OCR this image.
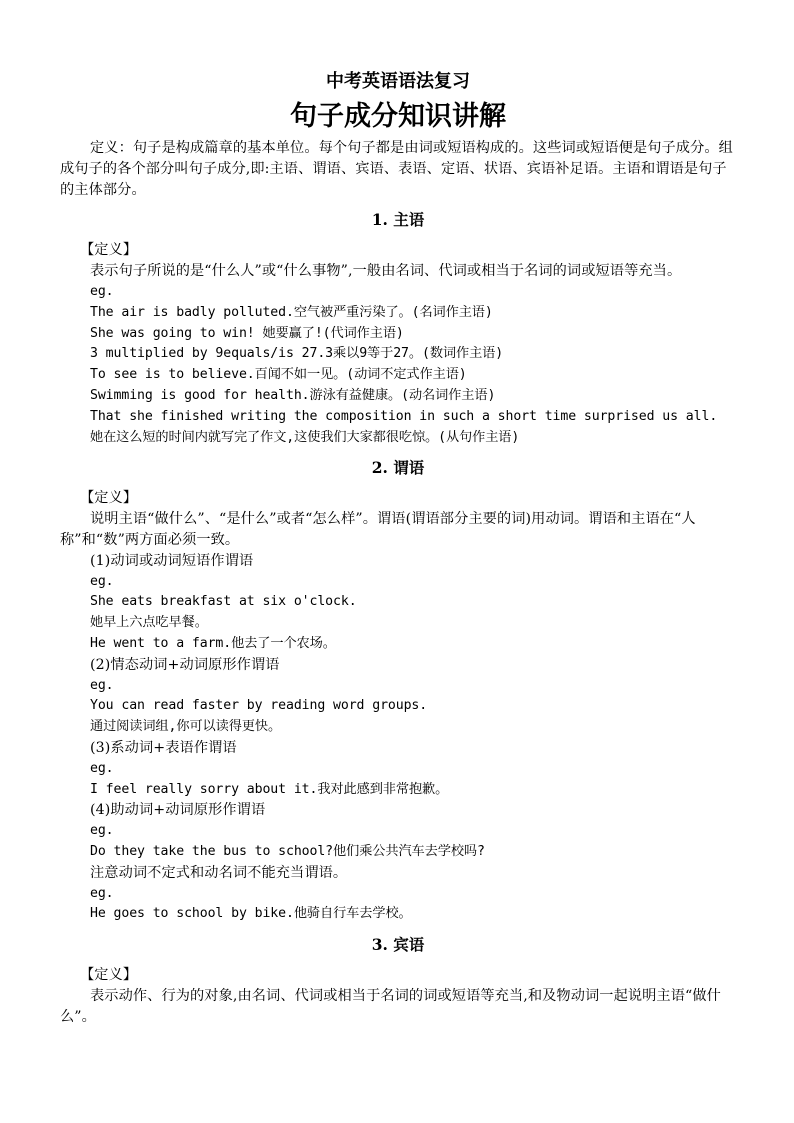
中考英语语法复习
句子成分知识讲解

定义：句子是构成篇章的基本单位。每个句子都是由词或短语构成的。这些词或短语便是句子成分。组成句子的各个部分叫句子成分,即:主语、谓语、宾语、表语、定语、状语、宾语补足语。主语和谓语是句子的主体部分。

1. 主语

【定义】

表示句子所说的是“什么人”或“什么事物”,一般由名词、代词或相当于名词的词或短语等充当。

eg.

The air is badly polluted.空气被严重污染了。(名词作主语)

She was going to win! 她要赢了!(代词作主语)

3 multiplied by 9equals/is 27.3乘以9等于27。(数词作主语)

To see is to believe.百闻不如一见。(动词不定式作主语)

Swimming is good for health.游泳有益健康。(动名词作主语)

That she finished writing the composition in such a short time surprised us all.

她在这么短的时间内就写完了作文,这使我们大家都很吃惊。(从句作主语)

2. 谓语

【定义】

说明主语“做什么”、“是什么”或者“怎么样”。谓语(谓语部分主要的词)用动词。谓语和主语在“人称”和“数”两方面必须一致。

(1)动词或动词短语作谓语

eg.

She eats breakfast at six o'clock.

她早上六点吃早餐。

He went to a farm.他去了一个农场。

(2)情态动词+动词原形作谓语

eg.

You can read faster by reading word groups.

通过阅读词组,你可以读得更快。

(3)系动词+表语作谓语

eg.

I feel really sorry about it.我对此感到非常抱歉。

(4)助动词+动词原形作谓语

eg.

Do they take the bus to school?他们乘公共汽车去学校吗?

注意动词不定式和动名词不能充当谓语。

eg.

He goes to school by bike.他骑自行车去学校。

3. 宾语

【定义】

表示动作、行为的对象,由名词、代词或相当于名词的词或短语等充当,和及物动词一起说明主语“做什么”。
